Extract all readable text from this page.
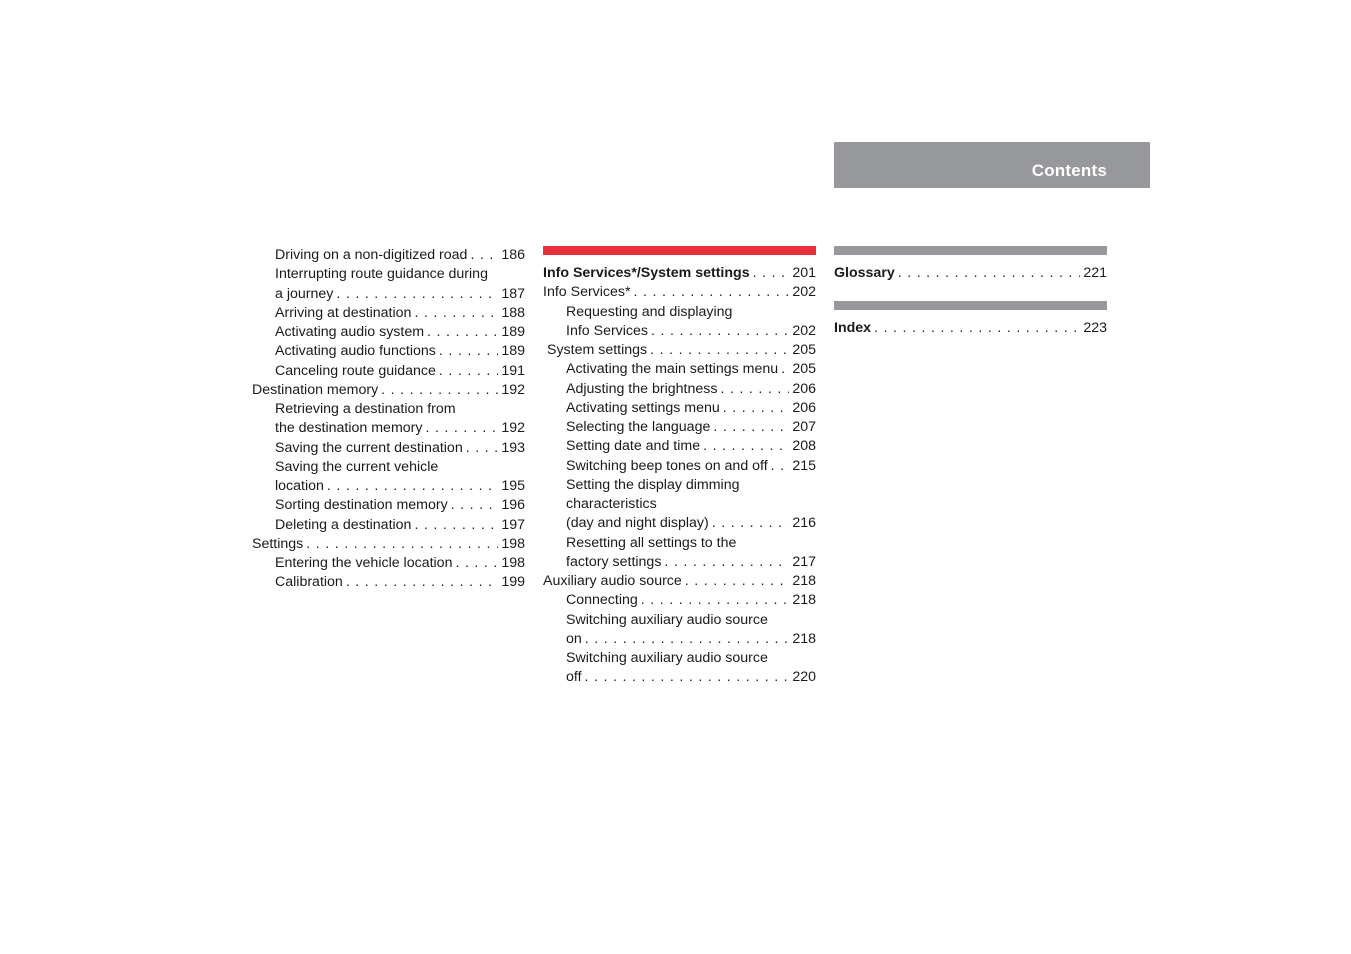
Contents
Driving on a non-digitized road . . . 186
Interrupting route guidance during
a journey . . .	187
Arriving at destination . . .	188
Activating audio system . . .	189
Activating audio functions . . .	189
Canceling route guidance . . .	191
Destination memory . . .	192
Retrieving a destination from
the destination memory . . .	192
Saving the current destination . . .	193
Saving the current vehicle
location . . .	195
Sorting destination memory . . .	196
Deleting a destination . . .	197
Settings . . .	198
Entering the vehicle location . . .	198
Calibration . . .	199
Info Services*/System settings . . .	201
Info Services* . . .	202
Requesting and displaying
Info Services . . .	202
System settings . . .	205
Activating the main settings menu . . . 205
Adjusting the brightness . . .	206
Activating settings menu . . .	206
Selecting the language . . .	207
Setting date and time . . .	208
Switching beep tones on and off . . . 215
Setting the display dimming
characteristics
(day and night display) . . .	216
Resetting all settings to the
factory settings . . .	217
Auxiliary audio source . . .	218
Connecting . . .	218
Switching auxiliary audio source
on . . .	218
Switching auxiliary audio source
off . . .	220
Glossary . . .	221
Index . . .	223
